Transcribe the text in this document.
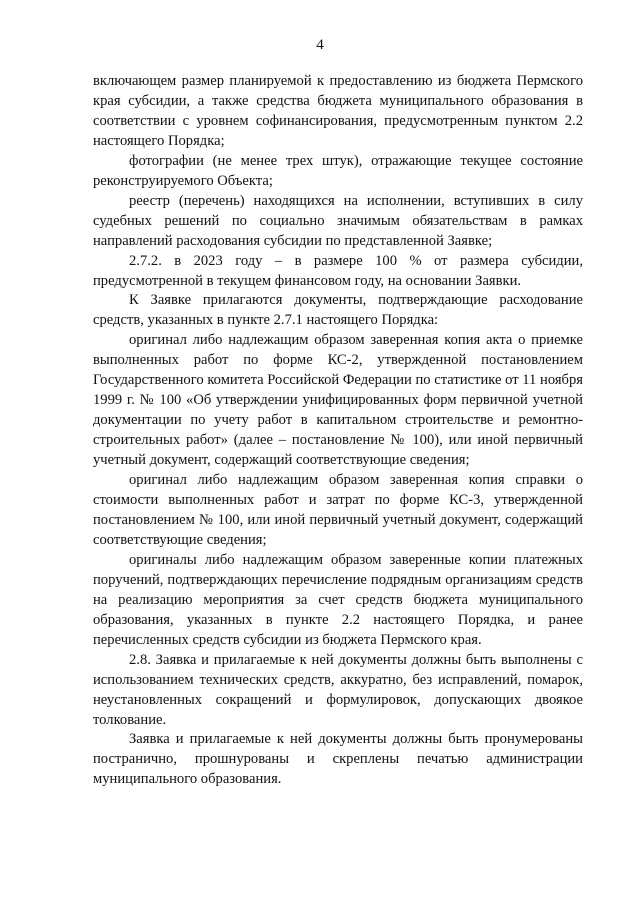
4

включающем размер планируемой к предоставлению из бюджета Пермского края субсидии, а также средства бюджета муниципального образования в соответствии с уровнем софинансирования, предусмотренным пунктом 2.2 настоящего Порядка;

фотографии (не менее трех штук), отражающие текущее состояние реконструируемого Объекта;

реестр (перечень) находящихся на исполнении, вступивших в силу судебных решений по социально значимым обязательствам в рамках направлений расходования субсидии по представленной Заявке;

2.7.2. в 2023 году – в размере 100 % от размера субсидии, предусмотренной в текущем финансовом году, на основании Заявки.

К Заявке прилагаются документы, подтверждающие расходование средств, указанных в пункте 2.7.1 настоящего Порядка:

оригинал либо надлежащим образом заверенная копия акта о приемке выполненных работ по форме КС-2, утвержденной постановлением Государственного комитета Российской Федерации по статистике от 11 ноября 1999 г. № 100 «Об утверждении унифицированных форм первичной учетной документации по учету работ в капитальном строительстве и ремонтно-строительных работ» (далее – постановление № 100), или иной первичный учетный документ, содержащий соответствующие сведения;

оригинал либо надлежащим образом заверенная копия справки о стоимости выполненных работ и затрат по форме КС-3, утвержденной постановлением № 100, или иной первичный учетный документ, содержащий соответствующие сведения;

оригиналы либо надлежащим образом заверенные копии платежных поручений, подтверждающих перечисление подрядным организациям средств на реализацию мероприятия за счет средств бюджета муниципального образования, указанных в пункте 2.2 настоящего Порядка, и ранее перечисленных средств субсидии из бюджета Пермского края.

2.8. Заявка и прилагаемые к ней документы должны быть выполнены с использованием технических средств, аккуратно, без исправлений, помарок, неустановленных сокращений и формулировок, допускающих двоякое толкование.

Заявка и прилагаемые к ней документы должны быть пронумерованы постранично, прошнурованы и скреплены печатью администрации муниципального образования.
